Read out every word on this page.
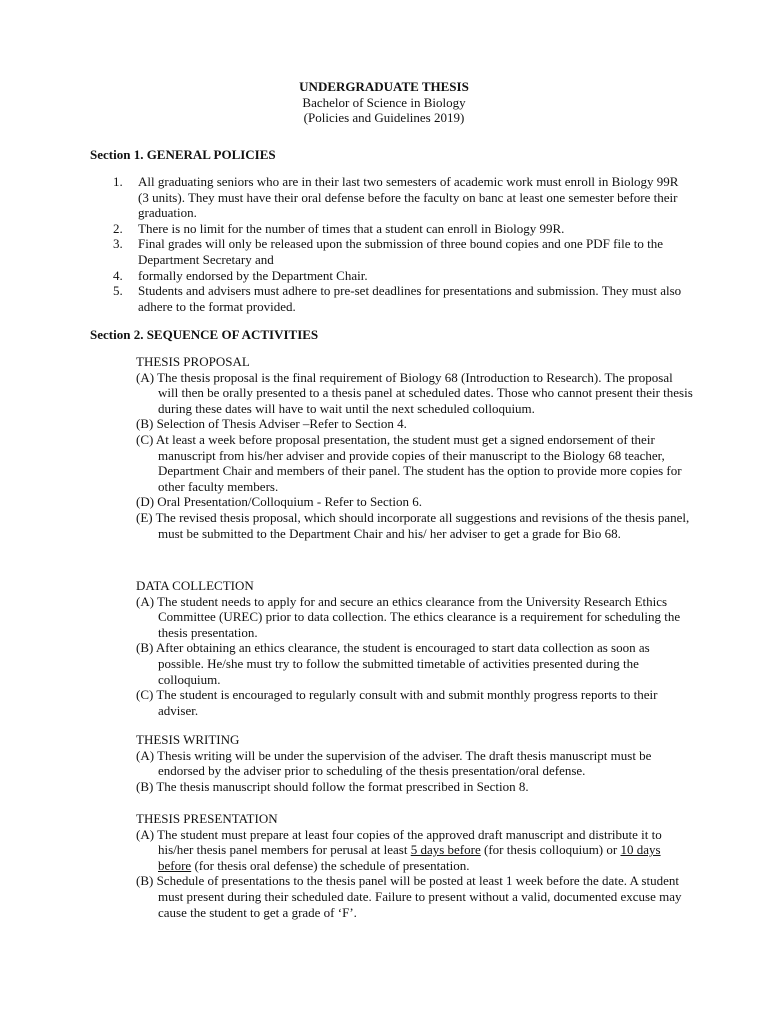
UNDERGRADUATE THESIS
Bachelor of Science in Biology
(Policies and Guidelines 2019)
Section 1. GENERAL POLICIES
1. All graduating seniors who are in their last two semesters of academic work must enroll in Biology 99R (3 units). They must have their oral defense before the faculty on banc at least one semester before their graduation.
2. There is no limit for the number of times that a student can enroll in Biology 99R.
3. Final grades will only be released upon the submission of three bound copies and one PDF file to the Department Secretary and
4. formally endorsed by the Department Chair.
5. Students and advisers must adhere to pre-set deadlines for presentations and submission. They must also adhere to the format provided.
Section 2. SEQUENCE OF ACTIVITIES
THESIS PROPOSAL
(A) The thesis proposal is the final requirement of Biology 68 (Introduction to Research). The proposal will then be orally presented to a thesis panel at scheduled dates. Those who cannot present their thesis during these dates will have to wait until the next scheduled colloquium.
(B) Selection of Thesis Adviser –Refer to Section 4.
(C) At least a week before proposal presentation, the student must get a signed endorsement of their manuscript from his/her adviser and provide copies of their manuscript to the Biology 68 teacher, Department Chair and members of their panel. The student has the option to provide more copies for other faculty members.
(D) Oral Presentation/Colloquium - Refer to Section 6.
(E) The revised thesis proposal, which should incorporate all suggestions and revisions of the thesis panel, must be submitted to the Department Chair and his/ her adviser to get a grade for Bio 68.
DATA COLLECTION
(A) The student needs to apply for and secure an ethics clearance from the University Research Ethics Committee (UREC) prior to data collection. The ethics clearance is a requirement for scheduling the thesis presentation.
(B) After obtaining an ethics clearance, the student is encouraged to start data collection as soon as possible. He/she must try to follow the submitted timetable of activities presented during the colloquium.
(C) The student is encouraged to regularly consult with and submit monthly progress reports to their adviser.
THESIS WRITING
(A) Thesis writing will be under the supervision of the adviser. The draft thesis manuscript must be endorsed by the adviser prior to scheduling of the thesis presentation/oral defense.
(B) The thesis manuscript should follow the format prescribed in Section 8.
THESIS PRESENTATION
(A) The student must prepare at least four copies of the approved draft manuscript and distribute it to his/her thesis panel members for perusal at least 5 days before (for thesis colloquium) or 10 days before (for thesis oral defense) the schedule of presentation.
(B) Schedule of presentations to the thesis panel will be posted at least 1 week before the date. A student must present during their scheduled date. Failure to present without a valid, documented excuse may cause the student to get a grade of ‘F’.
